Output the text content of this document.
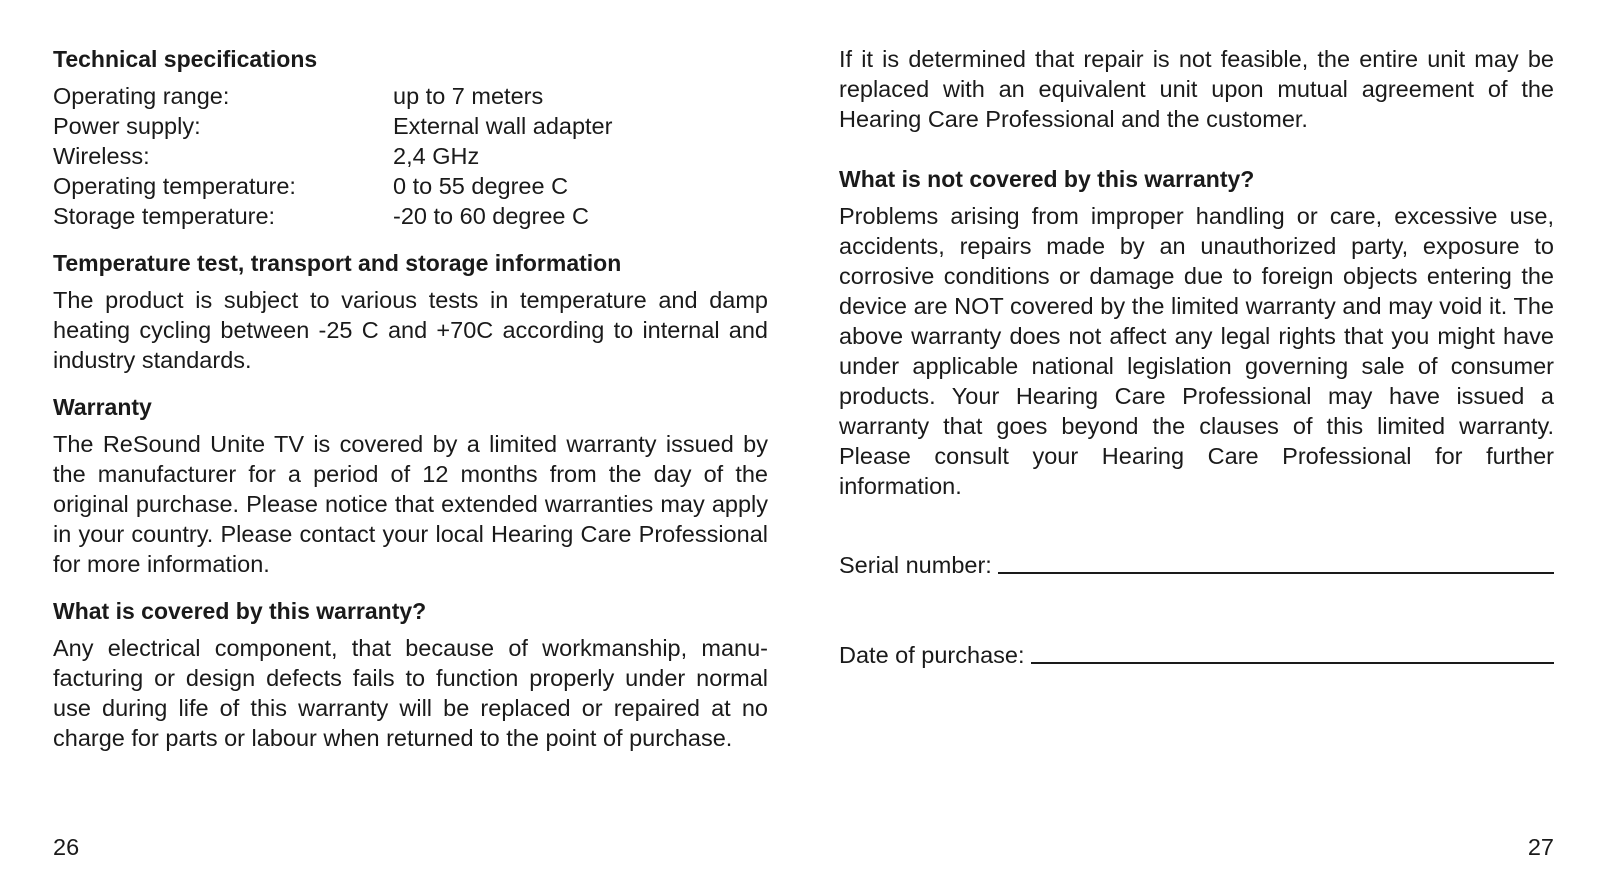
Technical specifications
Operating range:	up to 7 meters
Power supply:	External wall adapter
Wireless:	2,4 GHz
Operating temperature:	0 to 55 degree C
Storage temperature:	-20 to 60 degree C
Temperature test, transport and storage information

The product is subject to various tests in temperature and damp heating cycling between -25 C and +70C according to internal and industry standards.

Warranty

The ReSound Unite TV is covered by a limited warranty issued by the manufacturer for a period of 12 months from the day of the original purchase. Please notice that extended warranties may apply in your country. Please contact your local Hearing Care Professional for more information.

What is covered by this warranty?

Any electrical component, that because of workmanship, manufacturing or design defects fails to function properly under normal use during life of this warranty will be replaced or repaired at no charge for parts or labour when returned to the point of purchase.

26

If it is determined that repair is not feasible, the entire unit may be replaced with an equivalent unit upon mutual agreement of the Hearing Care Professional and the customer.

What is not covered by this warranty?

Problems arising from improper handling or care, excessive use, accidents, repairs made by an unauthorized party, exposure to corrosive conditions or damage due to foreign objects entering the device are NOT covered by the limited warranty and may void it. The above warranty does not affect any legal rights that you might have under applicable national legislation governing sale of consumer products. Your Hearing Care Professional may have issued a warranty that goes beyond the clauses of this limited warranty. Please consult your Hearing Care Professional for further information.

Serial number:
Date of purchase:
27
